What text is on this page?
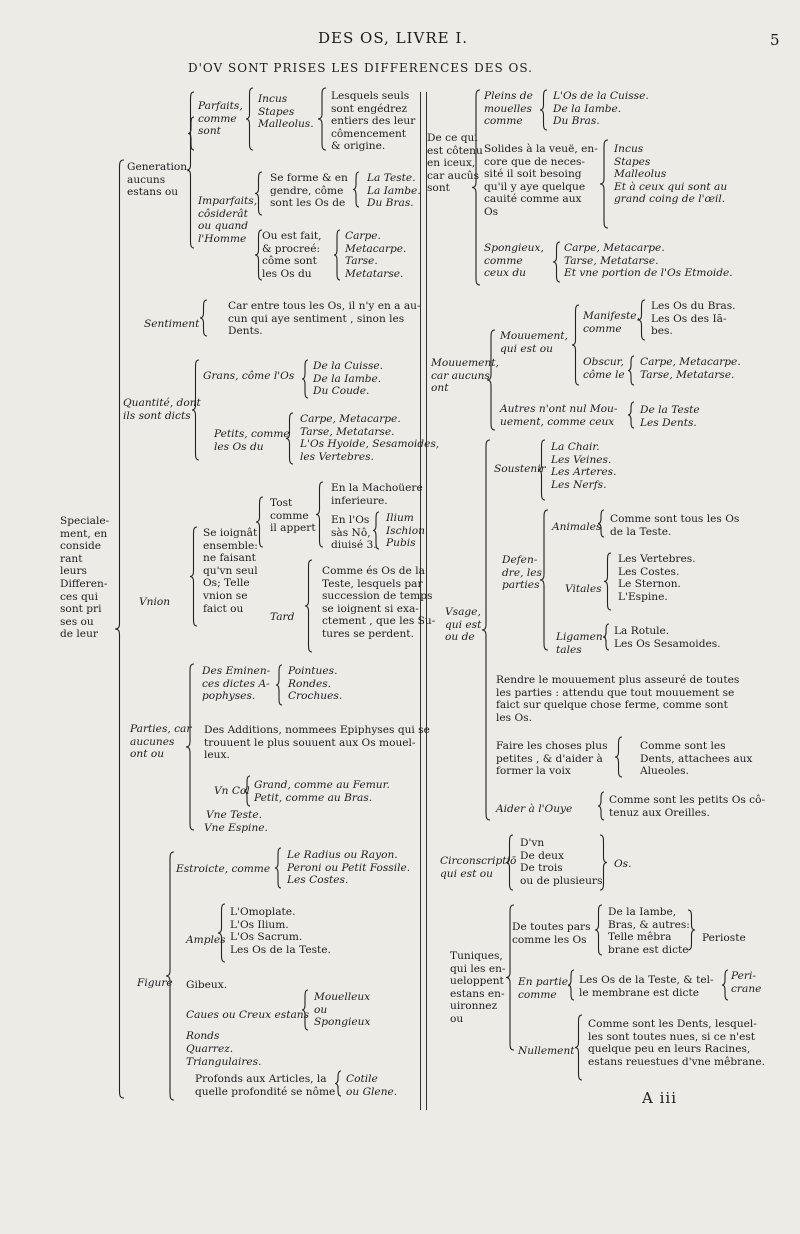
DES OS, LIVRE I.	5
D'OV SONT PRISES LES DIFFERENCES DES OS.
Speciale-
ment, en
conside
rant
leurs
Differen-
ces qui
sont pri
ses ou
de leur
Generation,
aucuns
estans ou
Parfaits,
comme
sont
Incus
Stapes
Malleolus.
Lesquels seuls
sont engédrez
entiers des leur
cômencement
& origine.
Imparfaits,
côsiderât
ou quand
l'Homme
Se forme & en
gendre, côme
sont les Os de
La Teste.
La Iambe.
Du Bras.
Ou est fait,
& procreé:
côme sont
les Os du
Carpe.
Metacarpe.
Tarse.
Metatarse.
Sentiment
Car entre tous les Os, il n'y en a au-
cun qui aye sentiment , sinon les
Dents.
Quantité, dont
ils sont dicts
Grans, côme l'Os
De la Cuisse.
De la Iambe.
Du Coude.
Petits, comme
les Os du
Carpe, Metacarpe.
Tarse, Metatarse.
L'Os Hyoide, Sesamoides,
les Vertebres.
Vnion
Se ioignât
ensemble:
ne faisant
qu'vn seul
Os; Telle
vnion se
faict ou
Tost
comme
il appert
En la Machoüere
inferieure.
En l'Os
sàs Nô,
diuisé 3.
Ilium
Ischion
Pubis
Tard
Comme és Os de la
Teste, lesquels par
succession de temps
se ioignent si exa-
ctement , que les Su-
tures se perdent.
Parties, car
aucunes
ont ou
Des Eminen-
ces dictes A-
pophyses.
Pointues.
Rondes.
Crochues.
Des Additions, nommees Epiphyses qui se
trouuent le plus souuent aux Os mouel-
leux.
Vn Col Grand, comme au Femur.
Petit, comme au Bras.
Vne Teste.
Vne Espine.
Figure
Estroicte, comme
Le Radius ou Rayon.
Peroni ou Petit Fossile.
Les Costes.
Amples
L'Omoplate.
L'Os Ilium.
L'Os Sacrum.
Les Os de la Teste.
Gibeux.
Caues ou Creux estans
Mouelleux
ou
Spongieux
Ronds
Quarrez.
Triangulaires.
Profonds aux Articles, la
quelle profondité se nôme
Cotile
ou Glene.
De ce qui
est côtenu
en iceux,
car aucûs
sont
Pleins de
mouelles
comme
L'Os de la Cuisse.
De la Iambe.
Du Bras.
Solides à la veuë, en-
core que de neces-
sité il soit besoing
qu'il y aye quelque
cauité comme aux
Os
Incus
Stapes
Malleolus
Et à ceux qui sont au
grand coing de l'œil.
Spongieux,
comme
ceux du
Carpe, Metacarpe.
Tarse, Metatarse.
Et vne portion de l'Os Etmoide.
Mouuement,
car aucuns
ont
Mouuement,
qui est ou
Manifeste,
comme
Les Os du Bras.
Les Os des Iã-
bes.
Obscur,
côme le
Carpe, Metacarpe.
Tarse, Metatarse.
Autres n'ont nul Mou-
uement, comme ceux
De la Teste
Les Dents.
Vsage,
qui est
ou de
Soustenir
La Chair.
Les Veines.
Les Arteres.
Les Nerfs.
Defen-
dre, les
parties
Animales
Comme sont tous les Os
de la Teste.
Vitales
Les Vertebres.
Les Costes.
Le Sternon.
L'Espine.
Ligamen-
tales
La Rotule.
Les Os Sesamoides.
Rendre le mouuement plus asseuré de toutes
les parties : attendu que tout mouuement se
faict sur quelque chose ferme, comme sont
les Os.
Faire les choses plus
petites , & d'aider à
former la voix
Comme sont les
Dents, attachees aux
Alueoles.
Aider à l'Ouye
Comme sont les petits Os cô-
tenuz aux Oreilles.
Circonscriptiō
qui est ou
D'vn
De deux
De trois
ou de plusieurs
Os.
Tuniques,
qui les en-
ueloppent
estans en-
uironnez
ou
De toutes pars
comme les Os
De la Iambe,
Bras, & autres:
Telle mêbra
brane est dicte
Perioste
En partie,
comme
Les Os de la Teste, & tel-
le membrane est dicte
Peri-
crane
Nullement
Comme sont les Dents, lesquel-
les sont toutes nues, si ce n'est
quelque peu en leurs Racines,
estans reuestues d'vne mêbrane.
A iii
